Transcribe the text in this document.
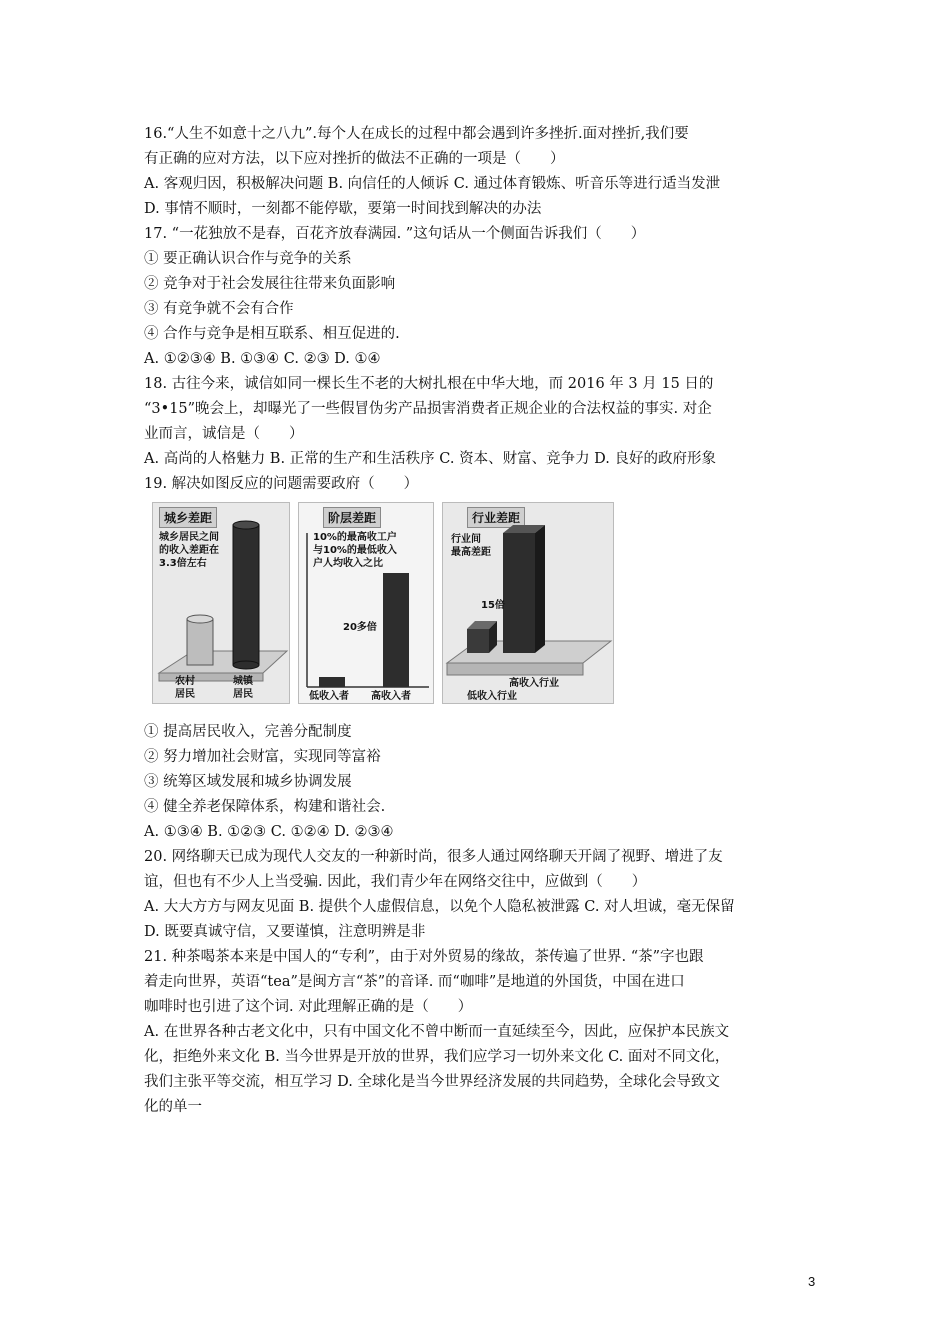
16.“人生不如意十之八九”.每个人在成长的过程中都会遇到许多挫折.面对挫折,我们要
有正确的应对方法，以下应对挫折的做法不正确的一项是（　　）
A. 客观归因，积极解决问题 B. 向信任的人倾诉 C. 通过体育锻炼、听音乐等进行适当发泄
D. 事情不顺时，一刻都不能停歇，要第一时间找到解决的办法
17. “一花独放不是春，百花齐放春满园. ”这句话从一个侧面告诉我们（　　）
① 要正确认识合作与竞争的关系
② 竞争对于社会发展往往带来负面影响
③ 有竞争就不会有合作
④ 合作与竞争是相互联系、相互促进的.
A. ①②③④ B. ①③④ C. ②③ D. ①④
18. 古往今来，诚信如同一棵长生不老的大树扎根在中华大地，而 2016 年 3 月 15 日的
“3•15”晚会上，却曝光了一些假冒伪劣产品损害消费者正规企业的合法权益的事实. 对企
业而言，诚信是（　　）
A. 高尚的人格魅力 B. 正常的生产和生活秩序 C. 资本、财富、竞争力 D. 良好的政府形象
19. 解决如图反应的问题需要政府（　　）
城乡差距
城乡居民之间
的收入差距在
3.3倍左右
农村
居民
城镇
居民
阶层差距
10%的最高收工户
与10%的最低收入
户人均收入之比
20多倍
低收入者 高收入者
行业差距
行业间
最高差距
15倍
高收入行业
低收入行业
① 提高居民收入，完善分配制度
② 努力增加社会财富，实现同等富裕
③ 统筹区域发展和城乡协调发展
④ 健全养老保障体系，构建和谐社会.
A. ①③④ B. ①②③ C. ①②④ D. ②③④
20. 网络聊天已成为现代人交友的一种新时尚，很多人通过网络聊天开阔了视野、增进了友
谊，但也有不少人上当受骗. 因此，我们青少年在网络交往中，应做到（　　）
A. 大大方方与网友见面 B. 提供个人虚假信息，以免个人隐私被泄露 C. 对人坦诚，毫无保留
D. 既要真诚守信，又要谨慎，注意明辨是非
21. 种茶喝茶本来是中国人的“专利”，由于对外贸易的缘故，茶传遍了世界. “茶”字也跟
着走向世界，英语“tea”是闽方言“茶”的音译. 而“咖啡”是地道的外国货，中国在进口
咖啡时也引进了这个词. 对此理解正确的是（　　）
A. 在世界各种古老文化中，只有中国文化不曾中断而一直延续至今，因此，应保护本民族文
化，拒绝外来文化 B. 当今世界是开放的世界，我们应学习一切外来文化 C. 面对不同文化，
我们主张平等交流，相互学习 D. 全球化是当今世界经济发展的共同趋势，全球化会导致文
化的单一
3
